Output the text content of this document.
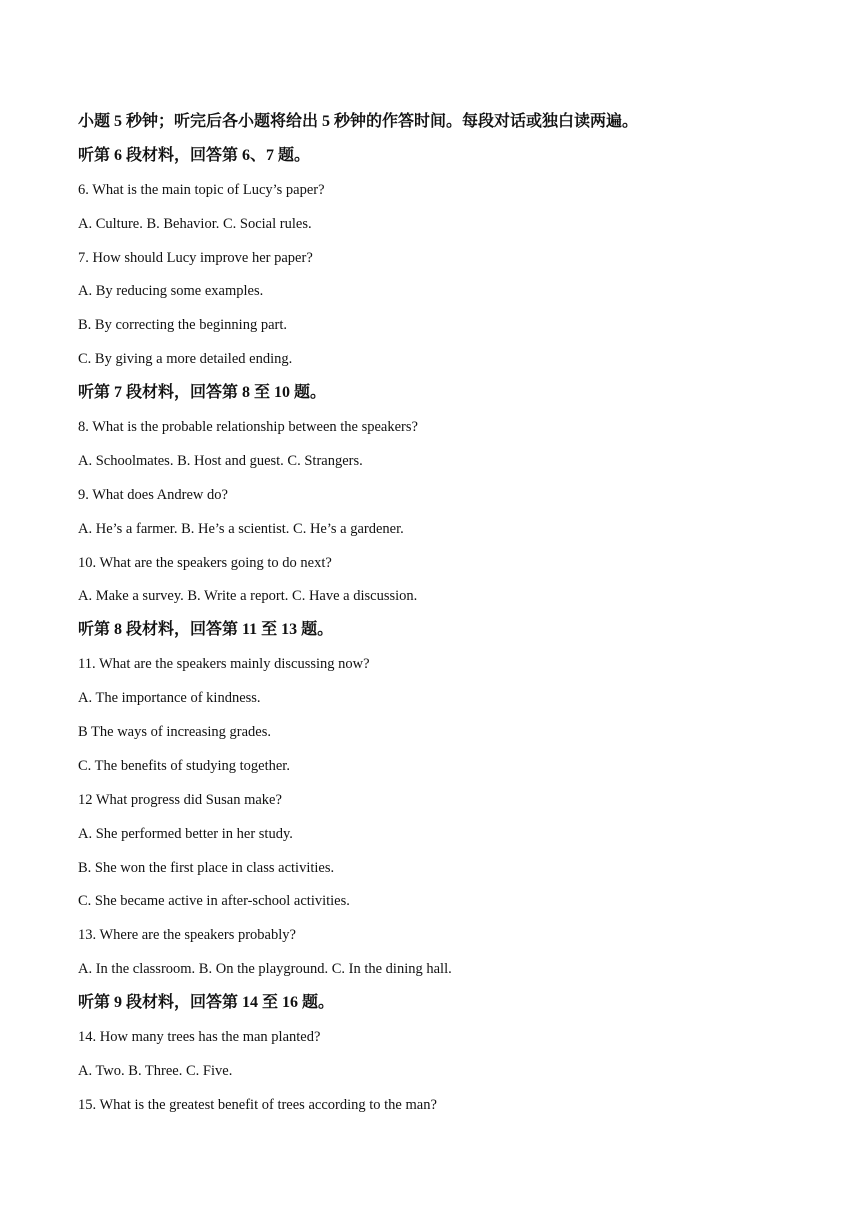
小题 5 秒钟；听完后各小题将给出 5 秒钟的作答时间。每段对话或独白读两遍。
听第 6 段材料，回答第 6、7 题。
6. What is the main topic of Lucy’s paper?
A. Culture. B. Behavior. C. Social rules.
7. How should Lucy improve her paper?
A. By reducing some examples.
B. By correcting the beginning part.
C. By giving a more detailed ending.
听第 7 段材料，回答第 8 至 10 题。
8. What is the probable relationship between the speakers?
A. Schoolmates. B. Host and guest. C. Strangers.
9. What does Andrew do?
A. He’s a farmer. B. He’s a scientist. C. He’s a gardener.
10. What are the speakers going to do next?
A. Make a survey. B. Write a report. C. Have a discussion.
听第 8 段材料，回答第 11 至 13 题。
11. What are the speakers mainly discussing now?
A. The importance of kindness.
B The ways of increasing grades.
C. The benefits of studying together.
12 What progress did Susan make?
A. She performed better in her study.
B. She won the first place in class activities.
C. She became active in after-school activities.
13. Where are the speakers probably?
A. In the classroom. B. On the playground. C. In the dining hall.
听第 9 段材料，回答第 14 至 16 题。
14. How many trees has the man planted?
A. Two. B. Three. C. Five.
15. What is the greatest benefit of trees according to the man?
